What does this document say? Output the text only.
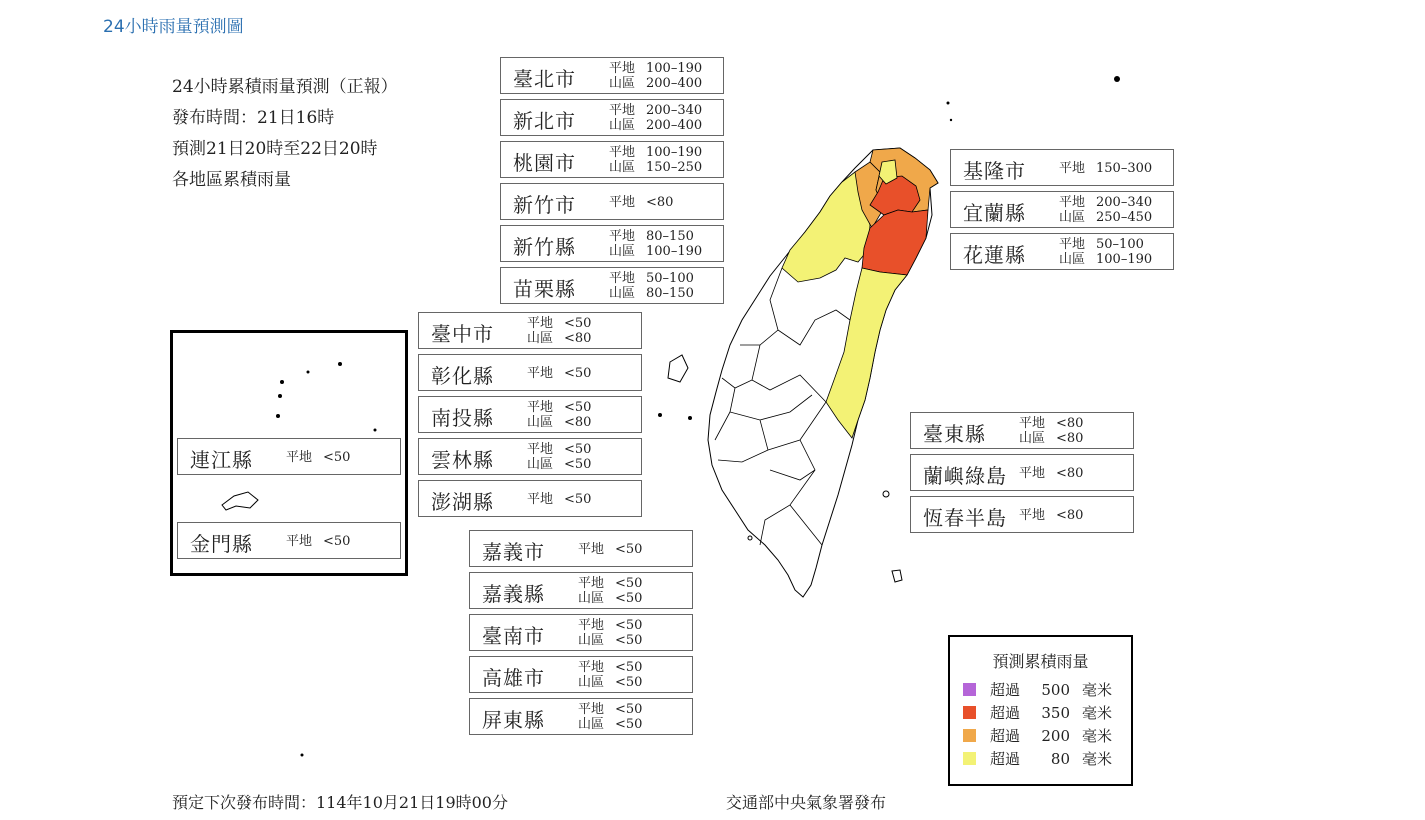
24小時雨量預測圖
24小時累積雨量預測（正報）
發布時間：21日16時
預測21日20時至22日20時
各地區累積雨量
臺北市	平地 100–190
山區 200–400
新北市	平地 200–340
山區 200–400
桃園市	平地 100–190
山區 150–250
新竹市	平地 <80
新竹縣	平地 80–150
山區 100–190
苗栗縣	平地 50–100
山區 80–150
臺中市	平地 <50
山區 <80
彰化縣	平地 <50
南投縣	平地 <50
山區 <80
雲林縣	平地 <50
山區 <50
澎湖縣	平地 <50
嘉義市	平地 <50
嘉義縣	平地 <50
山區 <50
臺南市	平地 <50
山區 <50
高雄市	平地 <50
山區 <50
屏東縣	平地 <50
山區 <50
基隆市	平地 150–300
宜蘭縣	平地 200–340
山區 250–450
花蓮縣	平地 50–100
山區 100–190
臺東縣	平地 <80
山區 <80
蘭嶼綠島 平地 <80
恆春半島 平地 <80
連江縣	平地 <50
金門縣	平地 <50
預測累積雨量
超過 500 毫米
超過 350 毫米
超過 200 毫米
超過 80 毫米
預定下次發布時間：114年10月21日19時00分	交通部中央氣象署發布
